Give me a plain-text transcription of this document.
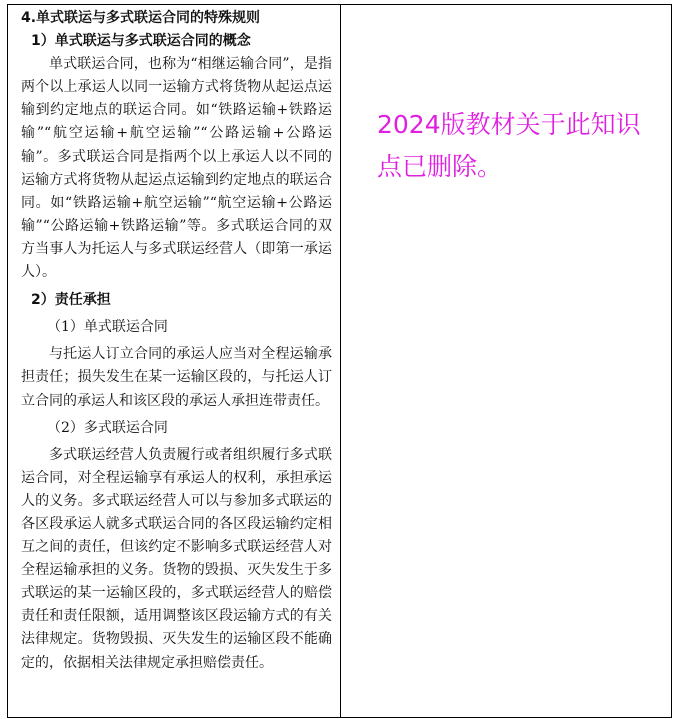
4.单式联运与多式联运合同的特殊规则

1）单式联运与多式联运合同的概念

单式联运合同，也称为“相继运输合同”，是指两个以上承运人以同一运输方式将货物从起运点运输到约定地点的联运合同。如“铁路运输+铁路运输”“航空运输+航空运输”“公路运输+公路运输”。多式联运合同是指两个以上承运人以不同的运输方式将货物从起运点运输到约定地点的联运合同。如“铁路运输+航空运输”“航空运输+公路运输”“公路运输+铁路运输”等。多式联运合同的双方当事人为托运人与多式联运经营人（即第一承运人）。

2）责任承担

（1）单式联运合同

与托运人订立合同的承运人应当对全程运输承担责任；损失发生在某一运输区段的，与托运人订立合同的承运人和该区段的承运人承担连带责任。

（2）多式联运合同

多式联运经营人负责履行或者组织履行多式联运合同，对全程运输享有承运人的权利，承担承运人的义务。多式联运经营人可以与参加多式联运的各区段承运人就多式联运合同的各区段运输约定相互之间的责任，但该约定不影响多式联运经营人对全程运输承担的义务。货物的毁损、灭失发生于多式联运的某一运输区段的，多式联运经营人的赔偿责任和责任限额，适用调整该区段运输方式的有关法律规定。货物毁损、灭失发生的运输区段不能确定的，依据相关法律规定承担赔偿责任。

2024版教材关于此知识点已删除。
